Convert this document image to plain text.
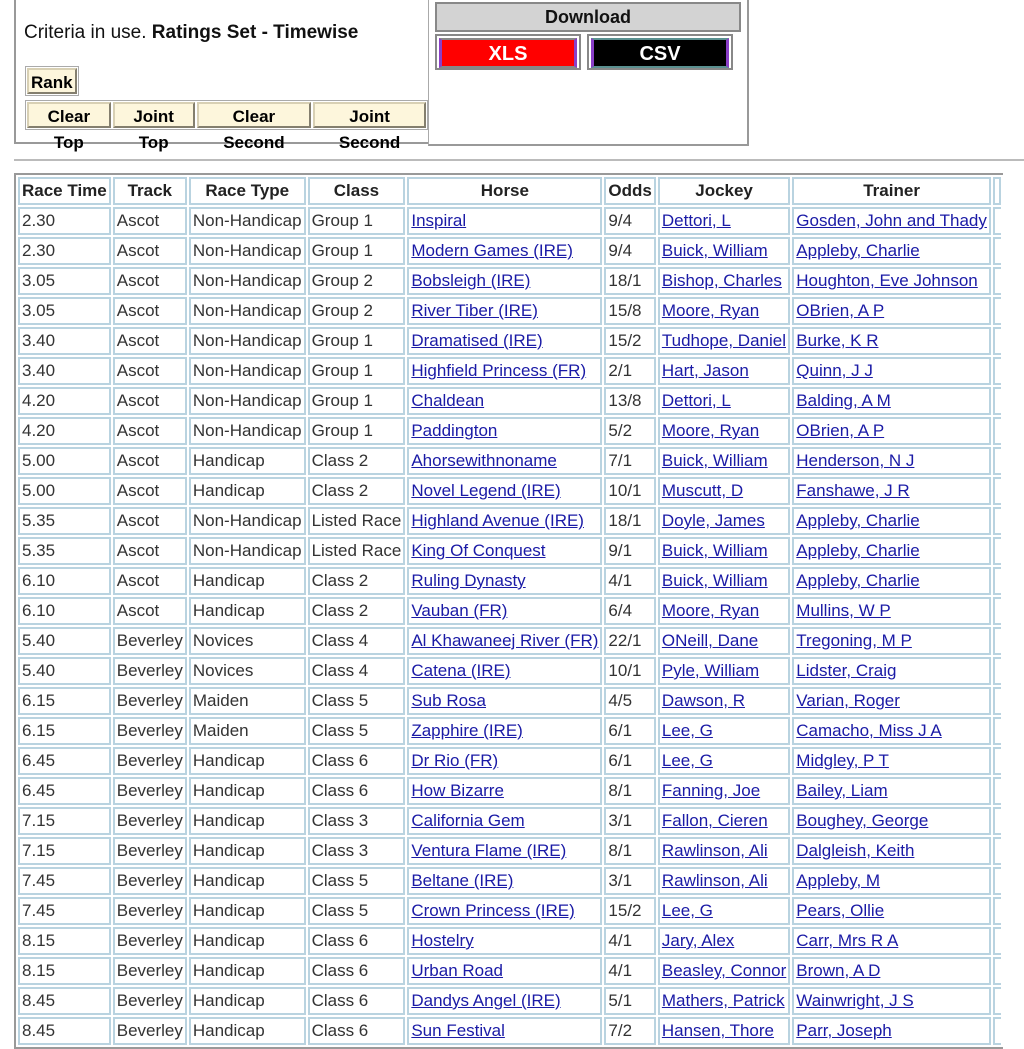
Criteria in use. Ratings Set - Timewise
Rank
Clear Top
Joint Top
Clear Second
Joint Second
Download
XLS	CSV
Race Time	Track	Race Type	Class	Horse	Odds	Jockey	Trainer	
2.30	Ascot	Non-Handicap	Group 1	Inspiral	9/4	Dettori, L	Gosden, John and Thady	
2.30	Ascot	Non-Handicap	Group 1	Modern Games (IRE)	9/4	Buick, William	Appleby, Charlie	
3.05	Ascot	Non-Handicap	Group 2	Bobsleigh (IRE)	18/1	Bishop, Charles	Houghton, Eve Johnson	
3.05	Ascot	Non-Handicap	Group 2	River Tiber (IRE)	15/8	Moore, Ryan	OBrien, A P	
3.40	Ascot	Non-Handicap	Group 1	Dramatised (IRE)	15/2	Tudhope, Daniel	Burke, K R	
3.40	Ascot	Non-Handicap	Group 1	Highfield Princess (FR)	2/1	Hart, Jason	Quinn, J J	
4.20	Ascot	Non-Handicap	Group 1	Chaldean	13/8	Dettori, L	Balding, A M	
4.20	Ascot	Non-Handicap	Group 1	Paddington	5/2	Moore, Ryan	OBrien, A P	
5.00	Ascot	Handicap	Class 2	Ahorsewithnoname	7/1	Buick, William	Henderson, N J	
5.00	Ascot	Handicap	Class 2	Novel Legend (IRE)	10/1	Muscutt, D	Fanshawe, J R	
5.35	Ascot	Non-Handicap	Listed Race	Highland Avenue (IRE)	18/1	Doyle, James	Appleby, Charlie	
5.35	Ascot	Non-Handicap	Listed Race	King Of Conquest	9/1	Buick, William	Appleby, Charlie	
6.10	Ascot	Handicap	Class 2	Ruling Dynasty	4/1	Buick, William	Appleby, Charlie	
6.10	Ascot	Handicap	Class 2	Vauban (FR)	6/4	Moore, Ryan	Mullins, W P	
5.40	Beverley	Novices	Class 4	Al Khawaneej River (FR)	22/1	ONeill, Dane	Tregoning, M P	
5.40	Beverley	Novices	Class 4	Catena (IRE)	10/1	Pyle, William	Lidster, Craig	
6.15	Beverley	Maiden	Class 5	Sub Rosa	4/5	Dawson, R	Varian, Roger	
6.15	Beverley	Maiden	Class 5	Zapphire (IRE)	6/1	Lee, G	Camacho, Miss J A	
6.45	Beverley	Handicap	Class 6	Dr Rio (FR)	6/1	Lee, G	Midgley, P T	
6.45	Beverley	Handicap	Class 6	How Bizarre	8/1	Fanning, Joe	Bailey, Liam	
7.15	Beverley	Handicap	Class 3	California Gem	3/1	Fallon, Cieren	Boughey, George	
7.15	Beverley	Handicap	Class 3	Ventura Flame (IRE)	8/1	Rawlinson, Ali	Dalgleish, Keith	
7.45	Beverley	Handicap	Class 5	Beltane (IRE)	3/1	Rawlinson, Ali	Appleby, M	
7.45	Beverley	Handicap	Class 5	Crown Princess (IRE)	15/2	Lee, G	Pears, Ollie	
8.15	Beverley	Handicap	Class 6	Hostelry	4/1	Jary, Alex	Carr, Mrs R A	
8.15	Beverley	Handicap	Class 6	Urban Road	4/1	Beasley, Connor	Brown, A D	
8.45	Beverley	Handicap	Class 6	Dandys Angel (IRE)	5/1	Mathers, Patrick	Wainwright, J S	
8.45	Beverley	Handicap	Class 6	Sun Festival	7/2	Hansen, Thore	Parr, Joseph	
